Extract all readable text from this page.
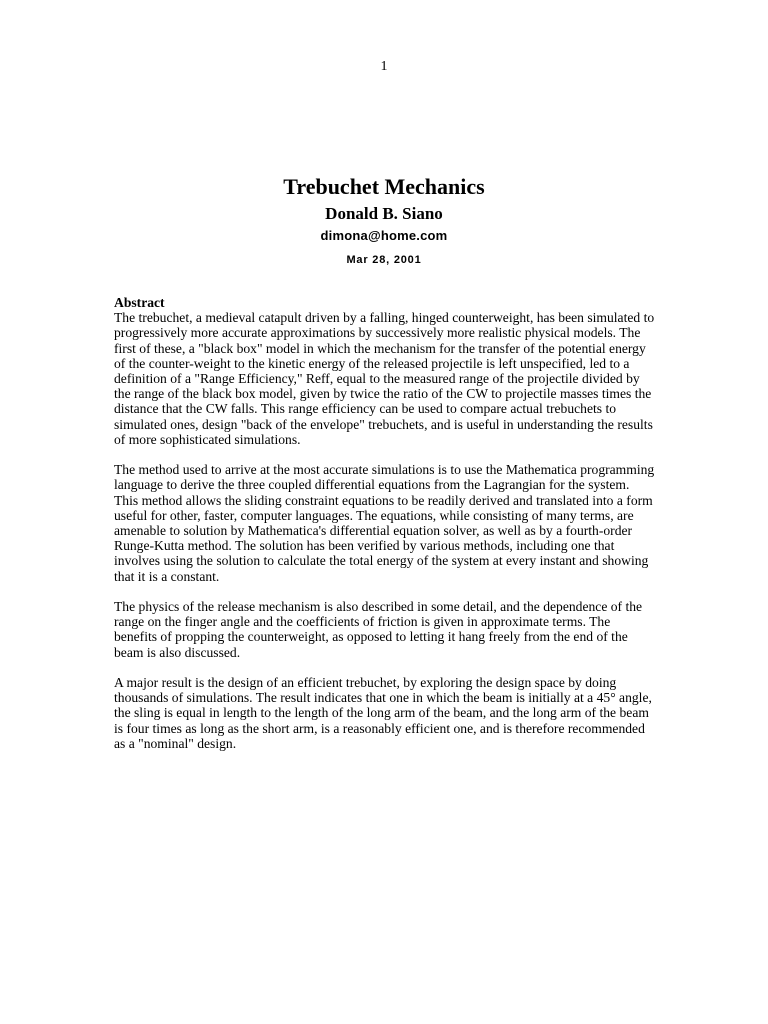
1
Trebuchet Mechanics
Donald B. Siano
dimona@home.com
Mar 28, 2001

Abstract

The trebuchet, a medieval catapult driven by a falling, hinged counterweight, has been simulated to progressively more accurate approximations by successively more realistic physical models. The first of these, a "black box" model in which the mechanism for the transfer of the potential energy of the counter-weight to the kinetic energy of the released projectile is left unspecified, led to a definition of a "Range Efficiency," Reff, equal to the measured range of the projectile divided by the range of the black box model, given by twice the ratio of the CW to projectile masses times the distance that the CW falls. This range efficiency can be used to compare actual trebuchets to simulated ones, design "back of the envelope" trebuchets, and is useful in understanding the results of more sophisticated simulations.

The method used to arrive at the most accurate simulations is to use the Mathematica programming language to derive the three coupled differential equations from the Lagrangian for the system. This method allows the sliding constraint equations to be readily derived and translated into a form useful for other, faster, computer languages. The equations, while consisting of many terms, are amenable to solution by Mathematica's differential equation solver, as well as by a fourth-order Runge-Kutta method. The solution has been verified by various methods, including one that involves using the solution to calculate the total energy of the system at every instant and showing that it is a constant.

The physics of the release mechanism is also described in some detail, and the dependence of the range on the finger angle and the coefficients of friction is given in approximate terms. The benefits of propping the counterweight, as opposed to letting it hang freely from the end of the beam is also discussed.

A major result is the design of an efficient trebuchet, by exploring the design space by doing thousands of simulations. The result indicates that one in which the beam is initially at a 45° angle, the sling is equal in length to the length of the long arm of the beam, and the long arm of the beam is four times as long as the short arm, is a reasonably efficient one, and is therefore recommended as a "nominal" design.
